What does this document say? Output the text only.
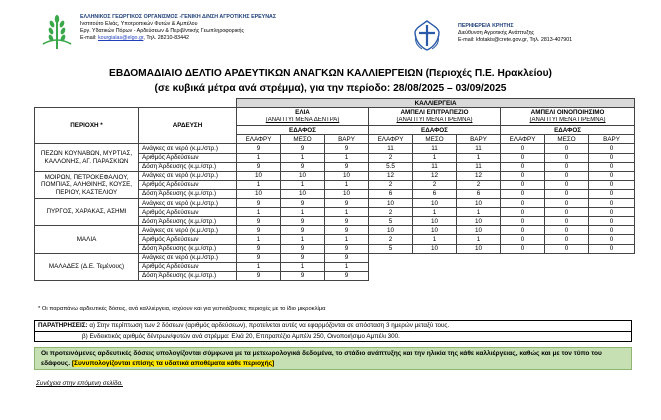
ΕΛΛΗΝΙΚΟΣ ΓΕΩΡΓΙΚΟΣ ΟΡΓΑΝΙΣΜΟΣ -ΓΕΝΙΚΗ Δ/ΝΣΗ ΑΓΡΟΤΙΚΗΣ ΕΡΕΥΝΑΣ
Ινστιτούτο Ελιάς, Υποτροπικών Φυτών & Αμπέλου
Εργ. Υδατικών Πόρων - Αρδεύσεων & Περιβ/ντικής Γεωπληροφορικής
E-mail: kourgialas@elgo.gr, Τηλ. 28210-83442
ΠΕΡΙΦΕΡΕΙΑ ΚΡΗΤΗΣ
Διεύθυνση Αγροτικής Ανάπτυξης
E-mail: kfotakis@crete.gov.gr, Τηλ. 2813-407901
ΕΒΔΟΜΑΔΙΑΙΟ ΔΕΛΤΙΟ ΑΡΔΕΥΤΙΚΩΝ ΑΝΑΓΚΩΝ ΚΑΛΛΙΕΡΓΕΙΩΝ (Περιοχές Π.Ε. Ηρακλείου)
(σε κυβικά μέτρα ανά στρέμμα), για την περίοδο: 28/08/2025 – 03/09/2025
		ΚΑΛΛΙΕΡΓΕΙΑ								
ΠΕΡΙΟΧΗ *	ΑΡΔΕΥΣΗ	ΕΛΙΑ			ΑΜΠΕΛΙ ΕΠΙΤΡΑΠΕΖΙΟ			ΑΜΠΕΛΙ ΟΙΝΟΠΟΙΗΣΙΜΟ		
		(ΑΝΑΠΤΥΓΜΕΝΑ ΔΕΝΤΡΑ)			(ΑΝΑΠΤΥΓΜΕΝΑ ΠΡΕΜΝΑ)			(ΑΝΑΠΤΥΓΜΕΝΑ ΠΡΕΜΝΑ)		
		ΕΔΑΦΟΣ			ΕΔΑΦΟΣ			ΕΔΑΦΟΣ		
		ΕΛΑΦΡΥ	ΜΕΣΟ	ΒΑΡΥ	ΕΛΑΦΡΥ	ΜΕΣΟ	ΒΑΡΥ	ΕΛΑΦΡΥ	ΜΕΣΟ	ΒΑΡΥ
ΠΕΖΩΝ ΚΟΥΝΑΒΩΝ, ΜΥΡΤΙΑΣ, ΚΑΛΛΟΝΗΣ, ΑΓ. ΠΑΡΑΣΚΙΩΝ	Ανάγκες σε νερό (κ.μ./στρ.)	9	9	9	11	11	11	0	0	0
	Αριθμός Αρδεύσεων	1	1	1	2	1	1	0	0	0
	Δόση Άρδευσης (κ.μ./στρ.)	9	9	9	5.5	11	11	0	0	0
ΜΟΙΡΩΝ, ΠΕΤΡΟΚΕΦΑΛΙΟΥ, ΠΟΜΠΙΑΣ, ΑΛΗΘΙΝΗΣ, ΚΟΥΣΕ, ΠΕΡΙΟΥ, ΚΑΣΤΕΛΙΟΥ	Ανάγκες σε νερό (κ.μ./στρ.)	10	10	10	12	12	12	0	0	0
	Αριθμός Αρδεύσεων	1	1	1	2	2	2	0	0	0
	Δόση Άρδευσης (κ.μ./στρ.)	10	10	10	6	6	6	0	0	0
ΠΥΡΓΟΣ, ΧΑΡΑΚΑΣ, ΑΣΗΜΙ	Ανάγκες σε νερό (κ.μ./στρ.)	9	9	9	10	10	10	0	0	0
	Αριθμός Αρδεύσεων	1	1	1	2	1	1	0	0	0
	Δόση Άρδευσης (κ.μ./στρ.)	9	9	9	5	10	10	0	0	0
ΜΑΛΙΑ	Ανάγκες σε νερό (κ.μ./στρ.)	9	9	9	10	10	10	0	0	0
	Αριθμός Αρδεύσεων	1	1	1	2	1	1	0	0	0
	Δόση Άρδευσης (κ.μ./στρ.)	9	9	9	5	10	10	0	0	0
ΜΑΛΑΔΕΣ (Δ.Ε. Τεμένους)	Ανάγκες σε νερό (κ.μ./στρ.)	9	9	9						
	Αριθμός Αρδεύσεων	1	1	1						
	Δόση Άρδευσης (κ.μ./στρ.)	9	9	9						
* Οι παραπάνω αρδευτικές δόσεις, ανά καλλιέργεια, ισχύουν και για γειτνιάζουσες περιοχές με το ίδιο μικροκλίμα
ΠΑΡΑΤΗΡΗΣΕΙΣ: α) Στην περίπτωση των 2 δόσεων (αριθμός αρδεύσεων), προτείνεται αυτές να εφαρμόζονται σε απόσταση 3 ημερών μεταξύ τους.
β) Ενδεικτικός αριθμός δέντρων/φυτών ανά στρέμμα: Ελιά 20, Επιτραπέζιο Αμπέλι 250, Οινοποιήσιμο Αμπέλι 300.
Οι προτεινόμενες αρδευτικές δόσεις υπολογίζονται σύμφωνα με τα μετεωρολογικά δεδομένα, το στάδιο ανάπτυξης και την ηλικία της κάθε καλλιέργειας, καθώς και με τον τύπο του εδάφους. [Συνυπολογίζονται επίσης τα υδατικά αποθέματα κάθε περιοχής]
Συνέχεια στην επόμενη σελίδα.
